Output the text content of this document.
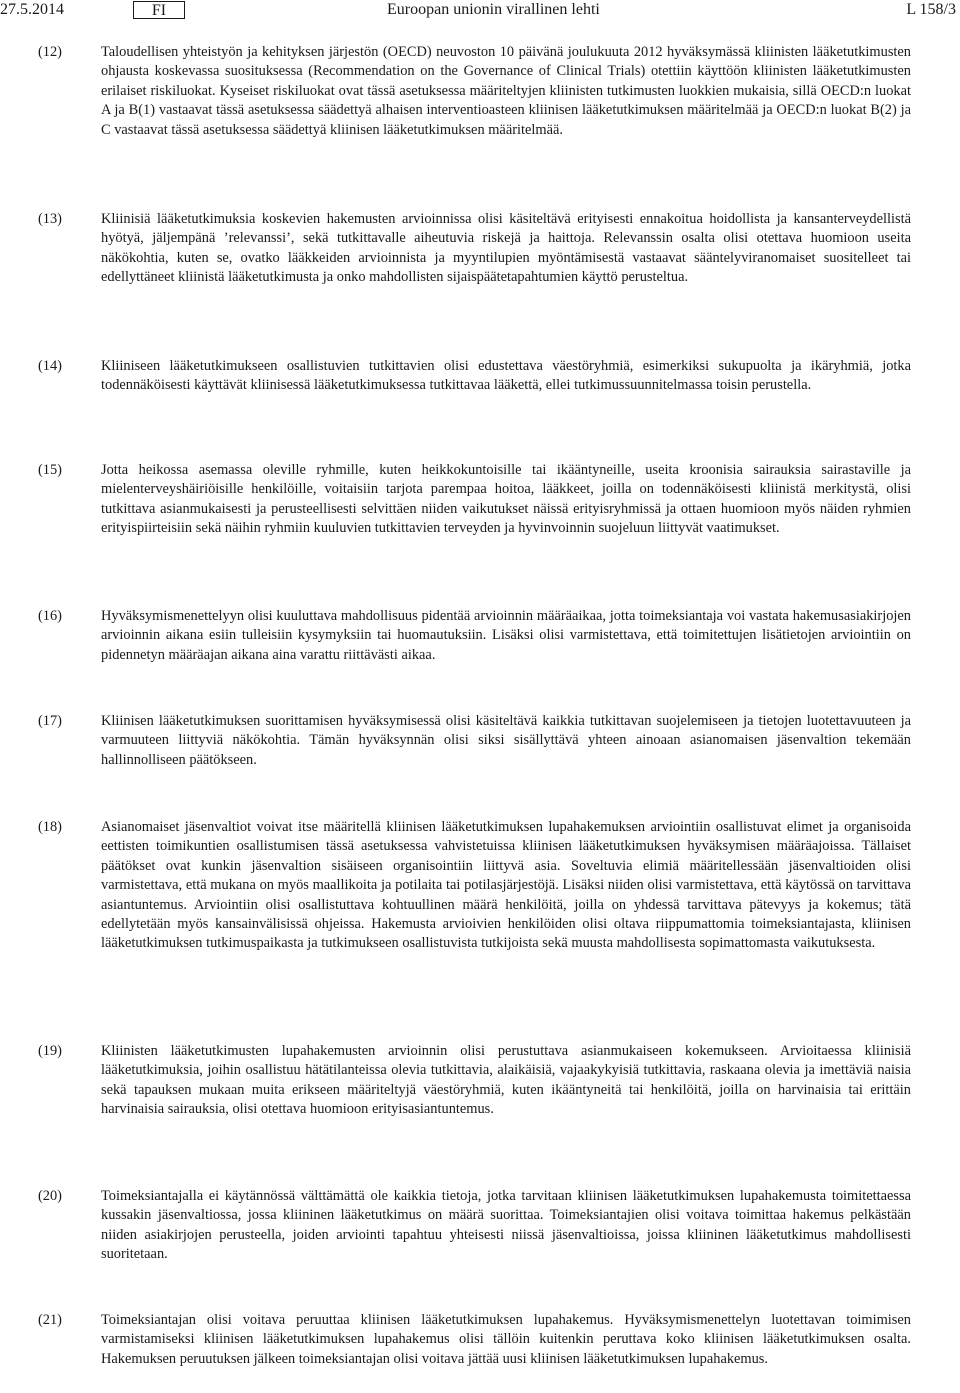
27.5.2014	FI	Euroopan unionin virallinen lehti	L 158/3
(12)	Taloudellisen yhteistyön ja kehityksen järjestön (OECD) neuvoston 10 päivänä joulukuuta 2012 hyväksymässä kliinisten lääketutkimusten ohjausta koskevassa suosituksessa (Recommendation on the Governance of Clinical Trials) otettiin käyttöön kliinisten lääketutkimusten erilaiset riskiluokat. Kyseiset riskiluokat ovat tässä asetuksessa määriteltyjen kliinisten tutkimusten luokkien mukaisia, sillä OECD:n luokat A ja B(1) vastaavat tässä asetuksessa säädettyä alhaisen interventioasteen kliinisen lääketutkimuksen määritelmää ja OECD:n luokat B(2) ja C vastaavat tässä asetuksessa säädettyä kliinisen lääketutkimuksen määritelmää.
(13)	Kliinisiä lääketutkimuksia koskevien hakemusten arvioinnissa olisi käsiteltävä erityisesti ennakoitua hoidollista ja kansanterveydellistä hyötyä, jäljempänä ’relevanssi’, sekä tutkittavalle aiheutuvia riskejä ja haittoja. Relevanssin osalta olisi otettava huomioon useita näkökohtia, kuten se, ovatko lääkkeiden arvioinnista ja myyntilupien myöntämisestä vastaavat sääntelyviranomaiset suositelleet tai edellyttäneet kliinistä lääketutkimusta ja onko mahdollisten sijaispäätetapahtumien käyttö perusteltua.
(14)	Kliiniseen lääketutkimukseen osallistuvien tutkittavien olisi edustettava väestöryhmiä, esimerkiksi sukupuolta ja ikäryhmiä, jotka todennäköisesti käyttävät kliinisessä lääketutkimuksessa tutkittavaa lääkettä, ellei tutkimussuunnitelmassa toisin perustella.
(15)	Jotta heikossa asemassa oleville ryhmille, kuten heikkokuntoisille tai ikääntyneille, useita kroonisia sairauksia sairastaville ja mielenterveyshäiriöisille henkilöille, voitaisiin tarjota parempaa hoitoa, lääkkeet, joilla on todennäköisesti kliinistä merkitystä, olisi tutkittava asianmukaisesti ja perusteellisesti selvittäen niiden vaikutukset näissä erityisryhmissä ja ottaen huomioon myös näiden ryhmien erityispiirteisiin sekä näihin ryhmiin kuuluvien tutkittavien terveyden ja hyvinvoinnin suojeluun liittyvät vaatimukset.
(16)	Hyväksymismenettelyyn olisi kuuluttava mahdollisuus pidentää arvioinnin määräaikaa, jotta toimeksiantaja voi vastata hakemusasiakirjojen arvioinnin aikana esiin tulleisiin kysymyksiin tai huomautuksiin. Lisäksi olisi varmistettava, että toimitettujen lisätietojen arviointiin on pidennetyn määräajan aikana aina varattu riittävästi aikaa.
(17)	Kliinisen lääketutkimuksen suorittamisen hyväksymisessä olisi käsiteltävä kaikkia tutkittavan suojelemiseen ja tietojen luotettavuuteen ja varmuuteen liittyviä näkökohtia. Tämän hyväksynnän olisi siksi sisällyttävä yhteen ainoaan asianomaisen jäsenvaltion tekemään hallinnolliseen päätökseen.
(18)	Asianomaiset jäsenvaltiot voivat itse määritellä kliinisen lääketutkimuksen lupahakemuksen arviointiin osallistuvat elimet ja organisoida eettisten toimikuntien osallistumisen tässä asetuksessa vahvistetuissa kliinisen lääketutkimuksen hyväksymisen määräajoissa. Tällaiset päätökset ovat kunkin jäsenvaltion sisäiseen organisointiin liittyvä asia. Soveltuvia elimiä määritellessään jäsenvaltioiden olisi varmistettava, että mukana on myös maallikoita ja potilaita tai potilasjärjestöjä. Lisäksi niiden olisi varmistettava, että käytössä on tarvittava asiantuntemus. Arviointiin olisi osallistuttava kohtuullinen määrä henkilöitä, joilla on yhdessä tarvittava pätevyys ja kokemus; tätä edellytetään myös kansainvälisissä ohjeissa. Hakemusta arvioivien henkilöiden olisi oltava riippumattomia toimeksiantajasta, kliinisen lääketutkimuksen tutkimuspaikasta ja tutkimukseen osallistuvista tutkijoista sekä muusta mahdollisesta sopimattomasta vaikutuksesta.
(19)	Kliinisten lääketutkimusten lupahakemusten arvioinnin olisi perustuttava asianmukaiseen kokemukseen. Arvioitaessa kliinisiä lääketutkimuksia, joihin osallistuu hätätilanteissa olevia tutkittavia, alaikäisiä, vajaakykyisiä tutkittavia, raskaana olevia ja imettäviä naisia sekä tapauksen mukaan muita erikseen määriteltyjä väestöryhmiä, kuten ikääntyneitä tai henkilöitä, joilla on harvinaisia tai erittäin harvinaisia sairauksia, olisi otettava huomioon erityisasiantuntemus.
(20)	Toimeksiantajalla ei käytännössä välttämättä ole kaikkia tietoja, jotka tarvitaan kliinisen lääketutkimuksen lupahakemusta toimitettaessa kussakin jäsenvaltiossa, jossa kliininen lääketutkimus on määrä suorittaa. Toimeksiantajien olisi voitava toimittaa hakemus pelkästään niiden asiakirjojen perusteella, joiden arviointi tapahtuu yhteisesti niissä jäsenvaltioissa, joissa kliininen lääketutkimus mahdollisesti suoritetaan.
(21)	Toimeksiantajan olisi voitava peruuttaa kliinisen lääketutkimuksen lupahakemus. Hyväksymismenettelyn luotettavan toimimisen varmistamiseksi kliinisen lääketutkimuksen lupahakemus olisi tällöin kuitenkin peruttava koko kliinisen lääketutkimuksen osalta. Hakemuksen peruutuksen jälkeen toimeksiantajan olisi voitava jättää uusi kliinisen lääketutkimuksen lupahakemus.
